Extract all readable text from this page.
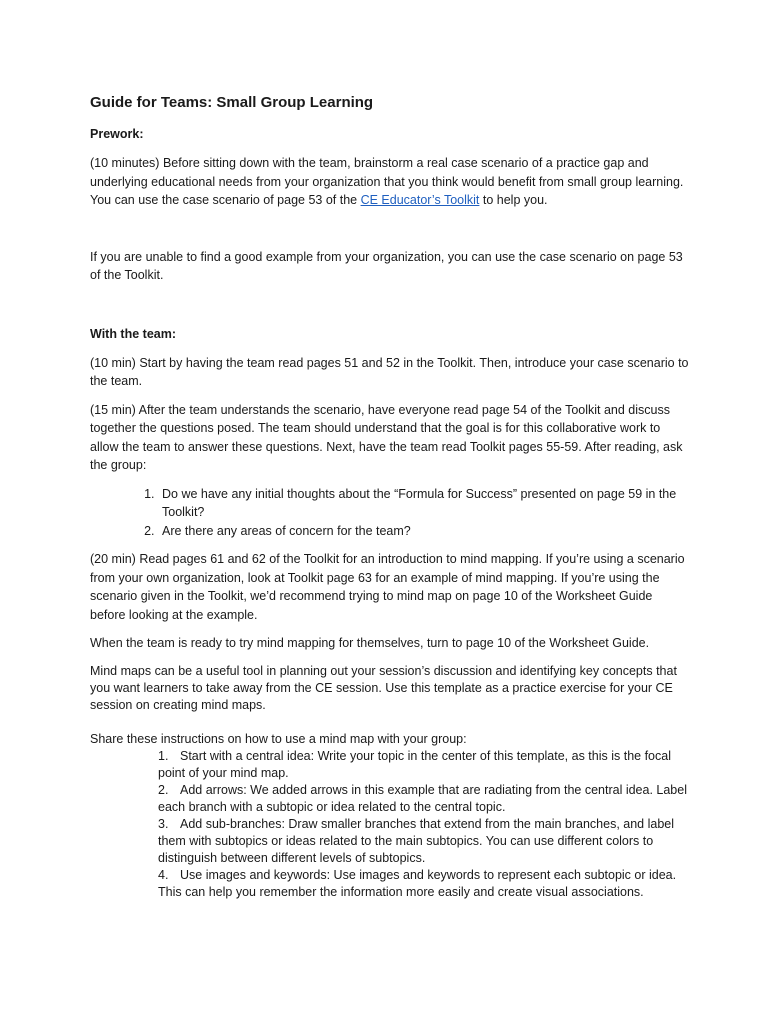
Guide for Teams: Small Group Learning
Prework:

(10 minutes) Before sitting down with the team, brainstorm a real case scenario of a practice gap and underlying educational needs from your organization that you think would benefit from small group learning. You can use the case scenario of page 53 of the CE Educator’s Toolkit to help you.

If you are unable to find a good example from your organization, you can use the case scenario on page 53 of the Toolkit.

With the team:

(10 min) Start by having the team read pages 51 and 52 in the Toolkit. Then, introduce your case scenario to the team.

(15 min) After the team understands the scenario, have everyone read page 54 of the Toolkit and discuss together the questions posed. The team should understand that the goal is for this collaborative work to allow the team to answer these questions. Next, have the team read Toolkit pages 55-59. After reading, ask the group:

1. Do we have any initial thoughts about the “Formula for Success” presented on page 59 in the Toolkit?
2. Are there any areas of concern for the team?

(20 min) Read pages 61 and 62 of the Toolkit for an introduction to mind mapping. If you’re using a scenario from your own organization, look at Toolkit page 63 for an example of mind mapping. If you’re using the scenario given in the Toolkit, we’d recommend trying to mind map on page 10 of the Worksheet Guide before looking at the example.

When the team is ready to try mind mapping for themselves, turn to page 10 of the Worksheet Guide.

Mind maps can be a useful tool in planning out your session’s discussion and identifying key concepts that you want learners to take away from the CE session. Use this template as a practice exercise for your CE session on creating mind maps.

Share these instructions on how to use a mind map with your group:

1. Start with a central idea: Write your topic in the center of this template, as this is the focal point of your mind map.
2. Add arrows: We added arrows in this example that are radiating from the central idea. Label each branch with a subtopic or idea related to the central topic.
3. Add sub-branches: Draw smaller branches that extend from the main branches, and label them with subtopics or ideas related to the main subtopics. You can use different colors to distinguish between different levels of subtopics.
4. Use images and keywords: Use images and keywords to represent each subtopic or idea. This can help you remember the information more easily and create visual associations.
